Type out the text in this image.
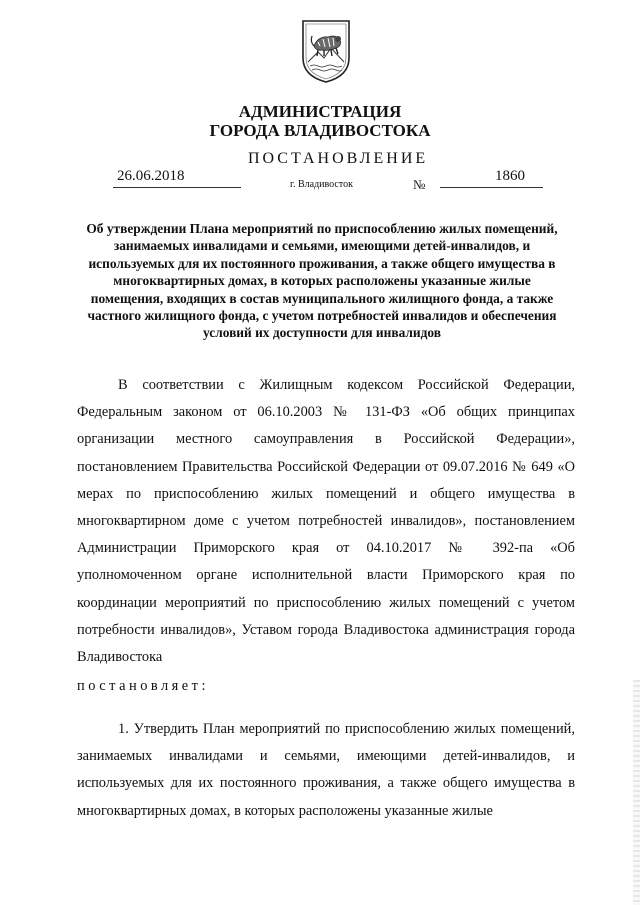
АДМИНИСТРАЦИЯ
ГОРОДА ВЛАДИВОСТОКА
ПОСТАНОВЛЕНИЕ
26.06.2018
г. Владивосток	№
1860
Об утверждении Плана мероприятий по приспособлению жилых помещений, занимаемых инвалидами и семьями, имеющими детей-инвалидов, и используемых для их постоянного проживания, а также общего имущества в многоквартирных домах, в которых расположены указанные жилые помещения, входящих в состав муниципального жилищного фонда, а также частного жилищного фонда, с учетом потребностей инвалидов и обеспечения условий их доступности для инвалидов
В соответствии с Жилищным кодексом Российской Федерации, Федеральным законом от 06.10.2003 № 131-ФЗ «Об общих принципах организации местного самоуправления в Российской Федерации», постановлением Правительства Российской Федерации от 09.07.2016 № 649 «О мерах по приспособлению жилых помещений и общего имущества в многоквартирном доме с учетом потребностей инвалидов», постановлением Администрации Приморского края от 04.10.2017 № 392-па «Об уполномоченном органе исполнительной власти Приморского края по координации мероприятий по приспособлению жилых помещений с учетом потребности инвалидов», Уставом города Владивостока администрация города Владивостока
постановляет:
1. Утвердить План мероприятий по приспособлению жилых помещений, занимаемых инвалидами и семьями, имеющими детей-инвалидов, и используемых для их постоянного проживания, а также общего имущества в многоквартирных домах, в которых расположены указанные жилые
